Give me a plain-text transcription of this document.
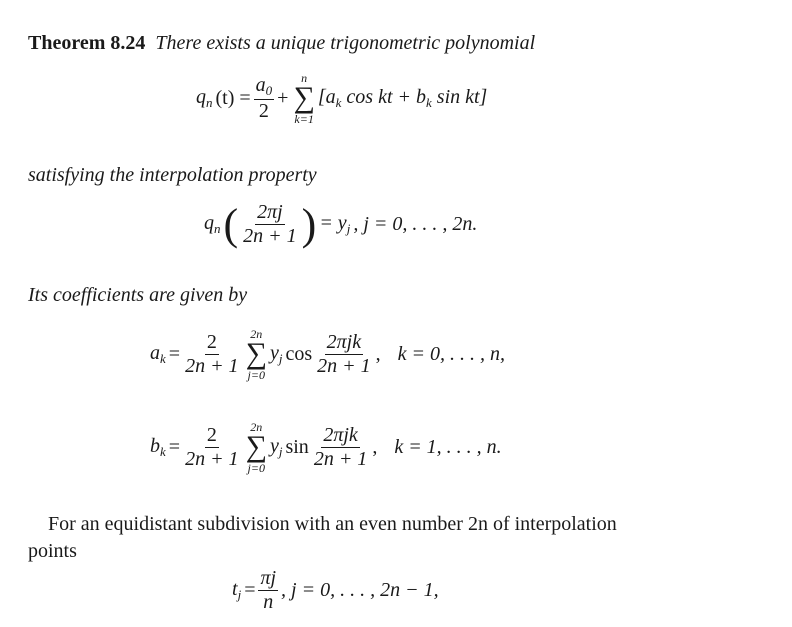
Theorem 8.24 There exists a unique trigonometric polynomial
$q_n$ $(t) = \frac{a_0}{2}$ +
n
∑
k=1
[$a_k$ cos kt + $b_k$ sin kt]
satisfying the interpolation property
$q_n$ ( $\frac{2\pi j}{2n + 1}$ ) = $y_j$ , j = 0, . . . , 2n.
Its coefficients are given by
$a_k = \frac{2}{2n + 1} 2n$
∑
j=0
$y_j$ $\cos \frac{\text{2πjk}}{2n + 1}$ , k = 0, . . . , n,
$b_k = \frac{2}{2n + 1} 2n$
∑
j=0
$y_j$ $\sin \frac{\text{2πjk}}{2n + 1}$ , k = 1, . . . , n.
For an equidistant subdivision with an even number 2n of interpolation
points
$t_j = \frac{\pi j}{n}$ , j = 0, . . . , 2n − 1,
